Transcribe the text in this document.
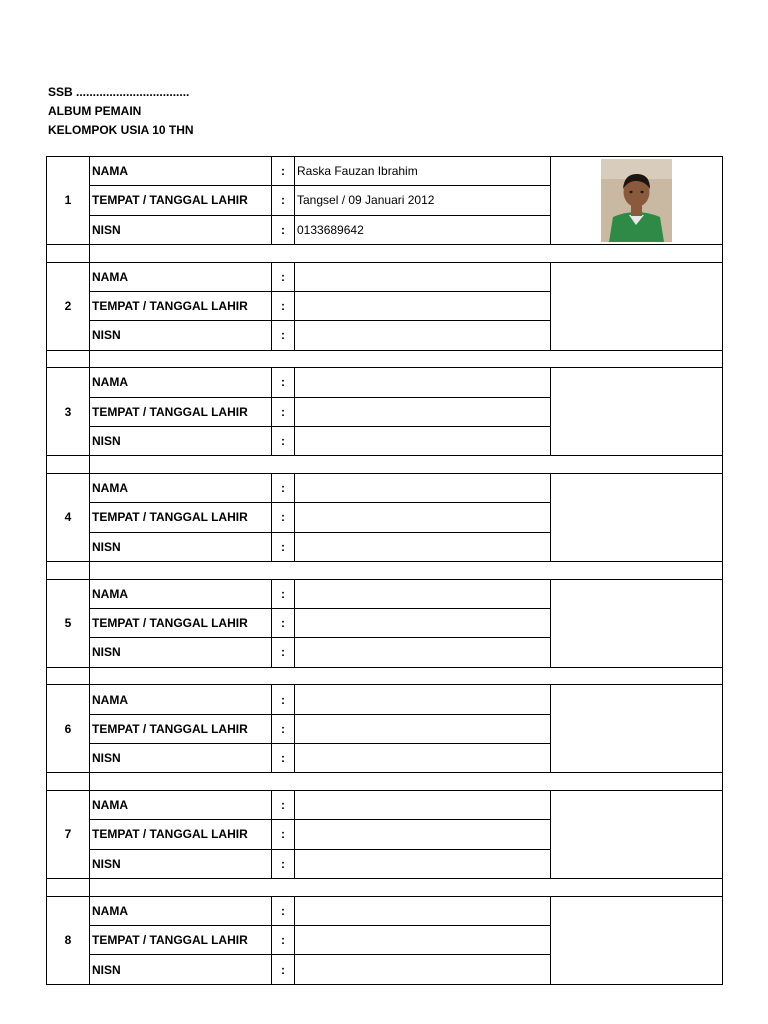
SSB ..................................
ALBUM PEMAIN
KELOMPOK USIA 10 THN
1	NAMA	:	Raska Fauzan Ibrahim	

	TEMPAT / TANGGAL LAHIR	:	Tangsel / 09 Januari 2012	
	NISN	:	0133689642	

2	NAMA	:		
	TEMPAT / TANGGAL LAHIR	:		
	NISN	:		

3	NAMA	:		
	TEMPAT / TANGGAL LAHIR	:		
	NISN	:		

4	NAMA	:		
	TEMPAT / TANGGAL LAHIR	:		
	NISN	:		

5	NAMA	:		
	TEMPAT / TANGGAL LAHIR	:		
	NISN	:		

6	NAMA	:		
	TEMPAT / TANGGAL LAHIR	:		
	NISN	:		

7	NAMA	:		
	TEMPAT / TANGGAL LAHIR	:		
	NISN	:		

8	NAMA	:		
	TEMPAT / TANGGAL LAHIR	:		
	NISN	:		
